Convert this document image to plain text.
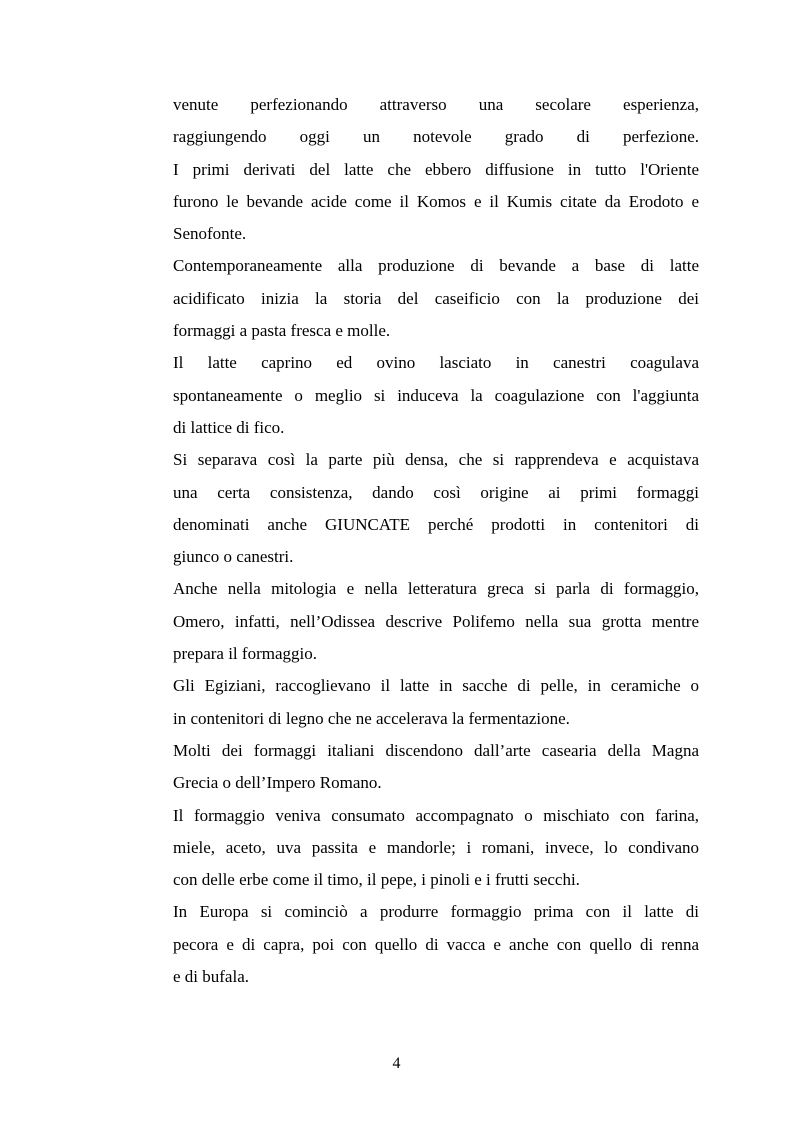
venute perfezionando attraverso una secolare esperienza,
raggiungendo oggi un notevole grado di perfezione.
I primi derivati del latte che ebbero diffusione in tutto l'Oriente
furono le bevande acide come il Komos e il Kumis citate da Erodoto e
Senofonte.
Contemporaneamente alla produzione di bevande a base di latte
acidificato inizia la storia del caseificio con la produzione dei
formaggi a pasta fresca e molle.
Il latte caprino ed ovino lasciato in canestri coagulava
spontaneamente o meglio si induceva la coagulazione con l'aggiunta
di lattice di fico.
Si separava così la parte più densa, che si rapprendeva e acquistava
una certa consistenza, dando così origine ai primi formaggi
denominati anche GIUNCATE perché prodotti in contenitori di
giunco o canestri.
Anche nella mitologia e nella letteratura greca si parla di formaggio,
Omero, infatti, nell’Odissea descrive Polifemo nella sua grotta mentre
prepara il formaggio.
Gli Egiziani, raccoglievano il latte in sacche di pelle, in ceramiche o
in contenitori di legno che ne accelerava la fermentazione.
Molti dei formaggi italiani discendono dall’arte casearia della Magna
Grecia o dell’Impero Romano.
Il formaggio veniva consumato accompagnato o mischiato con farina,
miele, aceto, uva passita e mandorle; i romani, invece, lo condivano
con delle erbe come il timo, il pepe, i pinoli e i frutti secchi.
In Europa si cominciò a produrre formaggio prima con il latte di
pecora e di capra, poi con quello di vacca e anche con quello di renna
e di bufala.
4
